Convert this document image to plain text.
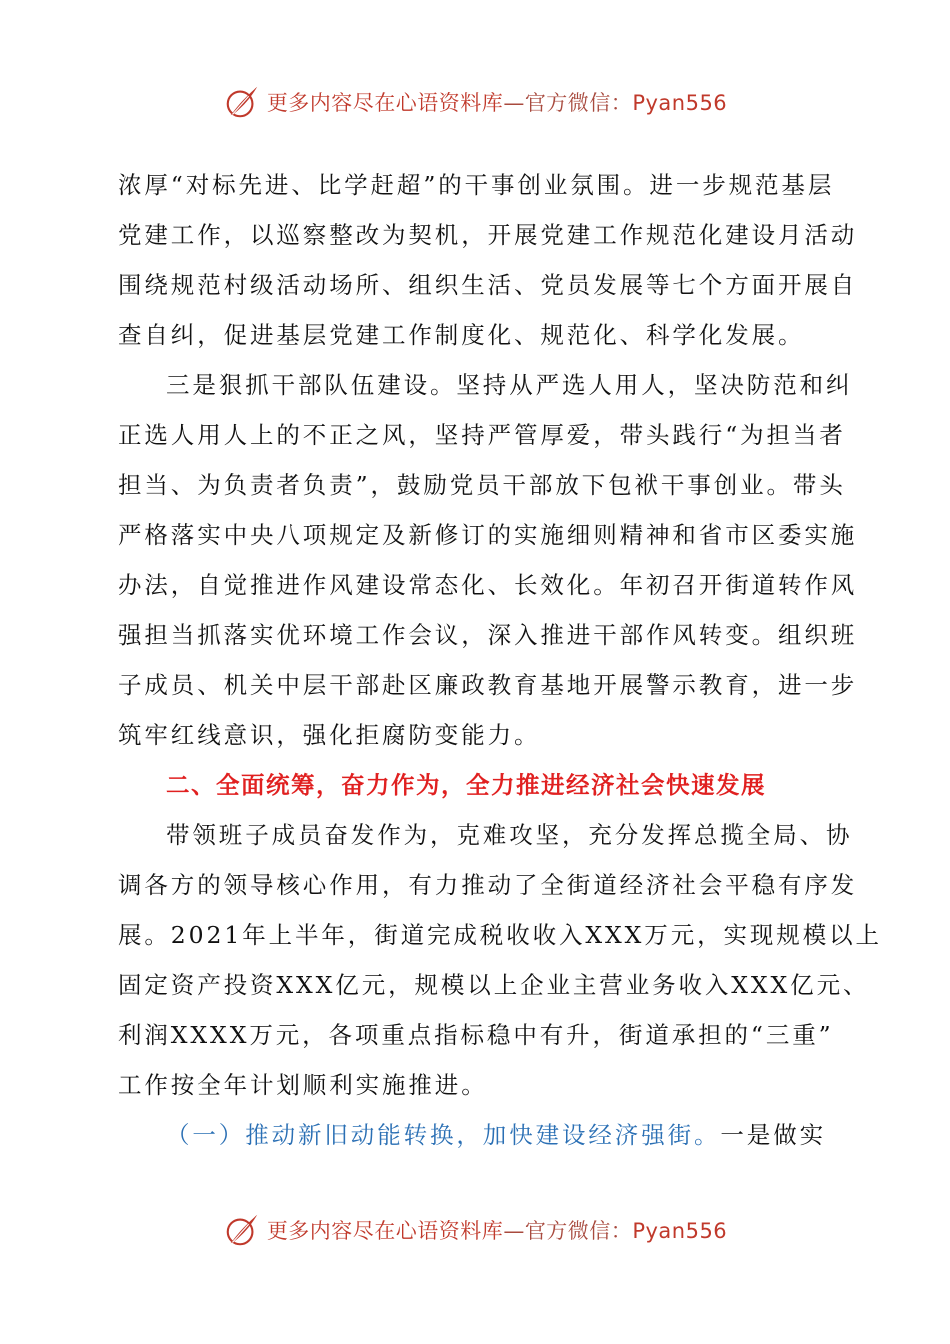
更多内容尽在心语资料库—官方微信：Pyan556
浓厚“对标先进、比学赶超”的干事创业氛围。进一步规范基层
党建工作，以巡察整改为契机，开展党建工作规范化建设月活动
围绕规范村级活动场所、组织生活、党员发展等七个方面开展自
查自纠，促进基层党建工作制度化、规范化、科学化发展。
三是狠抓干部队伍建设。坚持从严选人用人，坚决防范和纠
正选人用人上的不正之风，坚持严管厚爱，带头践行“为担当者
担当、为负责者负责”，鼓励党员干部放下包袱干事创业。带头
严格落实中央八项规定及新修订的实施细则精神和省市区委实施
办法，自觉推进作风建设常态化、长效化。年初召开街道转作风
强担当抓落实优环境工作会议，深入推进干部作风转变。组织班
子成员、机关中层干部赴区廉政教育基地开展警示教育，进一步
筑牢红线意识，强化拒腐防变能力。
二、全面统筹，奋力作为，全力推进经济社会快速发展
带领班子成员奋发作为，克难攻坚，充分发挥总揽全局、协
调各方的领导核心作用，有力推动了全街道经济社会平稳有序发
展。2021年上半年，街道完成税收收入XXX万元，实现规模以上
固定资产投资XXX亿元，规模以上企业主营业务收入XXX亿元、
利润XXXX万元，各项重点指标稳中有升，街道承担的“三重”
工作按全年计划顺利实施推进。
（一）推动新旧动能转换，加快建设经济强街。一是做实
更多内容尽在心语资料库—官方微信：Pyan556
